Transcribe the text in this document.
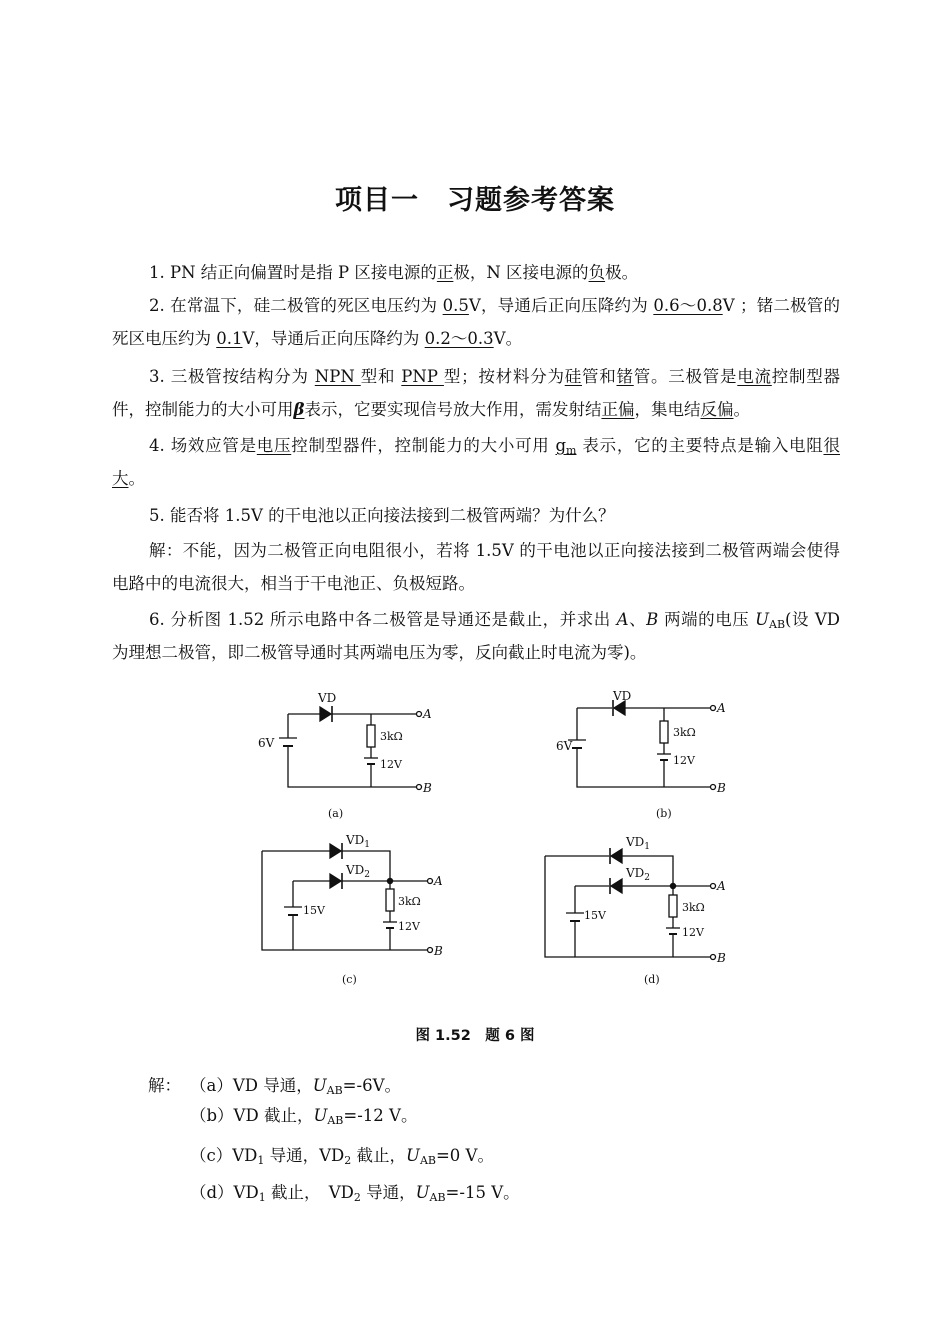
项目一　习题参考答案
1. PN 结正向偏置时是指 P 区接电源的正极，N 区接电源的负极。
2. 在常温下，硅二极管的死区电压约为 0.5V，导通后正向压降约为 0.6～0.8V ；锗二极管的死区电压约为 0.1V，导通后正向压降约为 0.2～0.3V。
3. 三极管按结构分为 NPN 型和 PNP 型；按材料分为硅管和锗管。三极管是电流控制型器件，控制能力的大小可用β表示，它要实现信号放大作用，需发射结正偏，集电结反偏。
4. 场效应管是电压控制型器件，控制能力的大小可用 $g_m$ 表示，它的主要特点是输入电阻很大。
5. 能否将 1.5V 的干电池以正向接法接到二极管两端？为什么？
解：不能，因为二极管正向电阻很小，若将 1.5V 的干电池以正向接法接到二极管两端会使得电路中的电流很大，相当于干电池正、负极短路。
6. 分析图 1.52 所示电路中各二极管是导通还是截止，并求出 A、B 两端的电压 $U_{AB}$(设 VD 为理想二极管，即二极管导通时其两端电压为零，反向截止时电流为零)。
VD
6V	3kΩ
12V
A
B
(a)
VD
6V
3kΩ
12V
A
B
(b)
$VD_1$
$VD_2$
15V
3kΩ
12V
A
B
(c)
$VD_1$
$VD_2$
15V
3kΩ
12V
A
B
(d)
图 1.52　题 6 图
解： （a）VD 导通，$U_{AB}=-6V$。
（b）VD 截止，$U_{AB}=-12$ V。
$(c)VD_1$ 导通，$VD_2$ 截止，$U_{AB}=0$ V。
$(d)VD_1$ 截止，　$VD_2$ 导通，$U_{AB}=-15$ V。
